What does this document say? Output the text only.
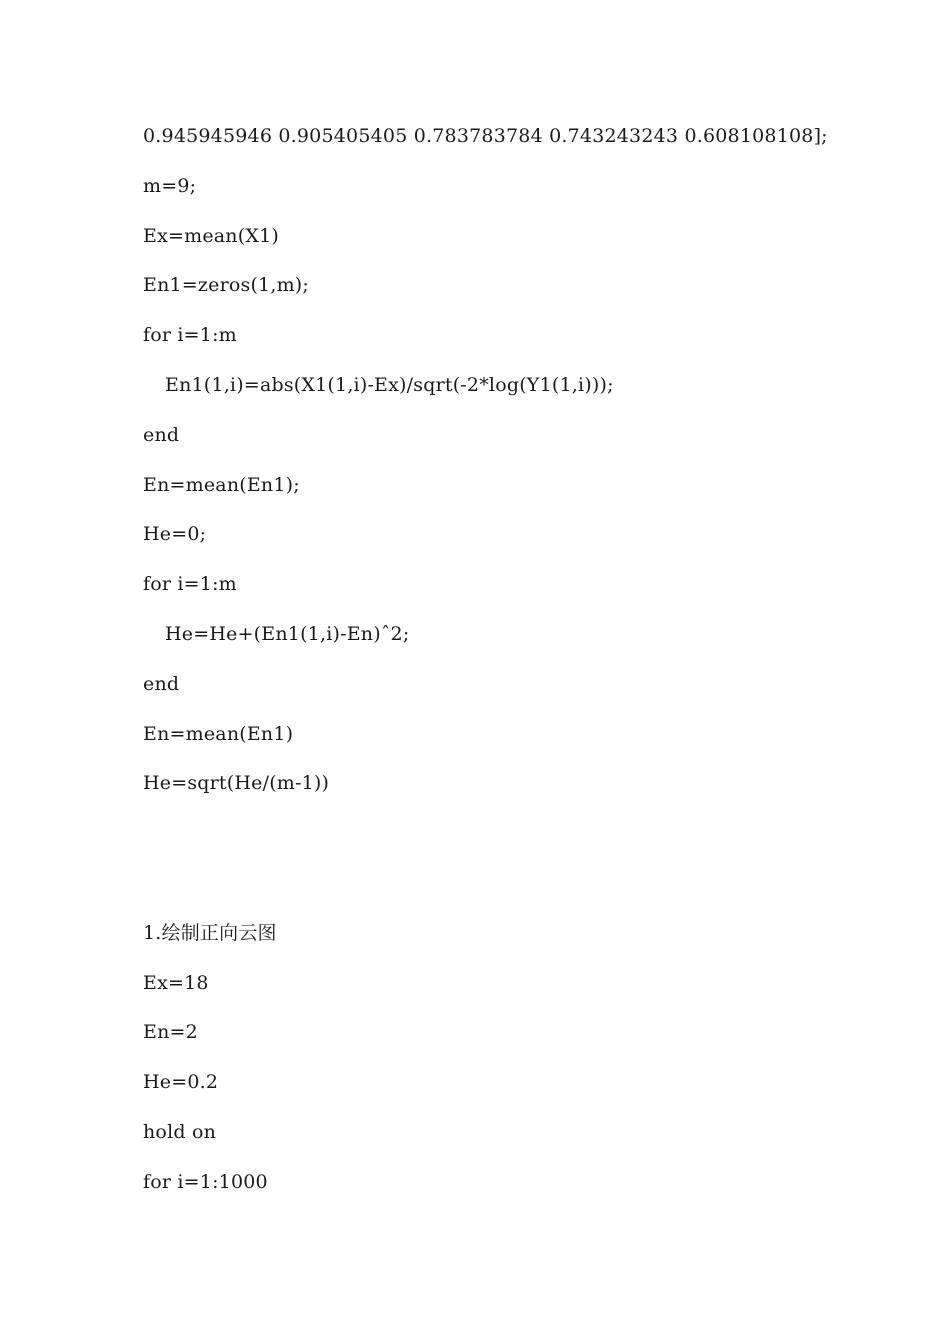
0.945945946 0.905405405 0.783783784 0.743243243 0.608108108];
m=9;
Ex=mean(X1)
En1=zeros(1,m);
for i=1:m
En1(1,i)=abs(X1(1,i)-Ex)/sqrt(-2*log(Y1(1,i)));
end
En=mean(En1);
He=0;
for i=1:m
He=He+(En1(1,i)-En)ˆ2;
end
En=mean(En1)
He=sqrt(He/(m-1))
1.绘制正向云图
Ex=18
En=2
He=0.2
hold on
for i=1:1000
